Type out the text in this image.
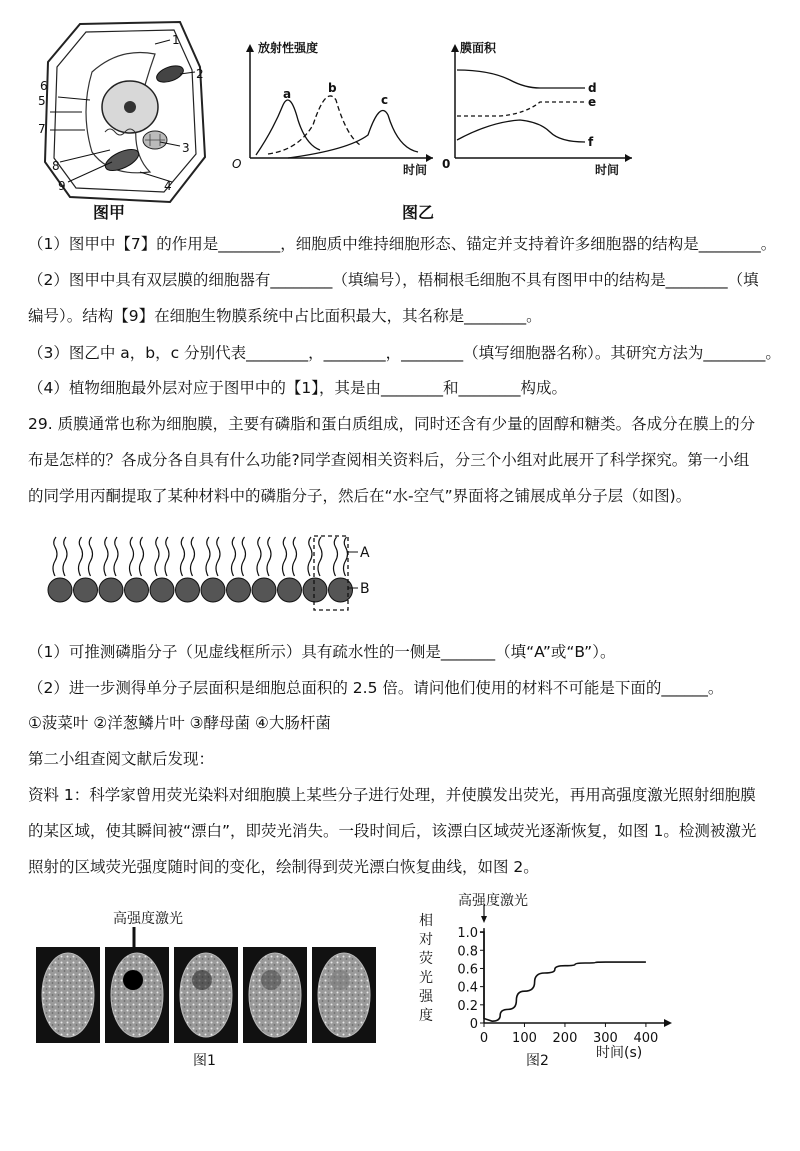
1
2
3
4
5
6
7
8
9
图甲
a	b
c
放射性强度
时间
O
d
e
f
膜面积
时间
0
图乙
（1）图甲中【7】的作用是________，细胞质中维持细胞形态、锚定并支持着许多细胞器的结构是________。
（2）图甲中具有双层膜的细胞器有________（填编号），梧桐根毛细胞不具有图甲中的结构是________（填
编号）。结构【9】在细胞生物膜系统中占比面积最大，其名称是________。
（3）图乙中 a，b，c 分别代表________，________，________（填写细胞器名称）。其研究方法为________。
（4）植物细胞最外层对应于图甲中的【1】，其是由________和________构成。
29. 质膜通常也称为细胞膜，主要有磷脂和蛋白质组成，同时还含有少量的固醇和糖类。各成分在膜上的分
布是怎样的？各成分各自具有什么功能?同学查阅相关资料后，分三个小组对此展开了科学探究。第一小组
的同学用丙酮提取了某种材料中的磷脂分子，然后在“水-空气”界面将之铺展成单分子层（如图)。
A
B
（1）可推测磷脂分子（见虚线框所示）具有疏水性的一侧是_______（填“A”或“B”）。
（2）进一步测得单分子层面积是细胞总面积的 2.5 倍。请问他们使用的材料不可能是下面的______。
①菠菜叶 ②洋葱鳞片叶 ③酵母菌 ④大肠杆菌
第二小组查阅文献后发现：
资料 1：科学家曾用荧光染料对细胞膜上某些分子进行处理，并使膜发出荧光，再用高强度激光照射细胞膜
的某区域，使其瞬间被“漂白”，即荧光消失。一段时间后，该漂白区域荧光逐渐恢复，如图 1。检测被激光
照射的区域荧光强度随时间的变化，绘制得到荧光漂白恢复曲线，如图 2。
高强度激光
图1
高强度激光
相对荧光强度
0
0.2
0.4
0.6
0.8
1.0
0 100 200 300 400
时间(s)
图2
